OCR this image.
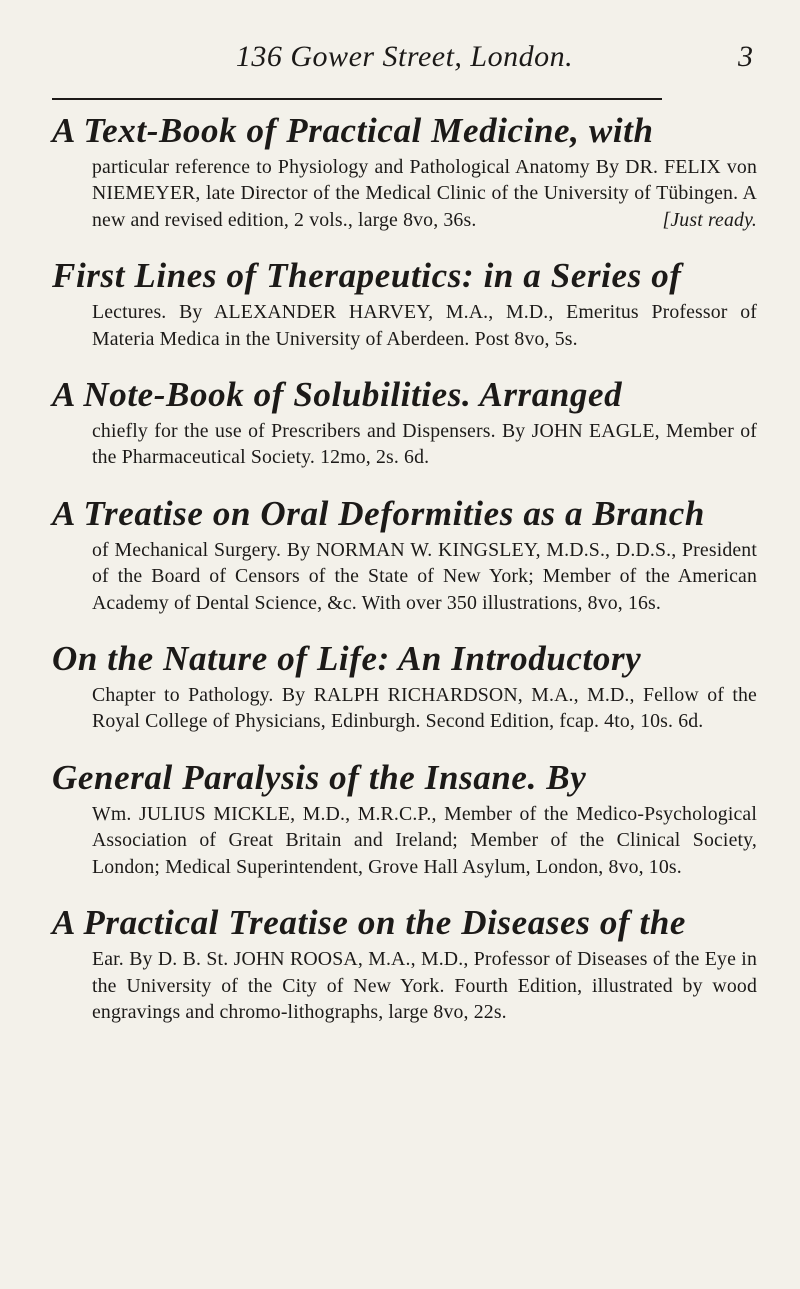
136 Gower Street, London.	3
A Text-Book of Practical Medicine, with

particular reference to Physiology and Pathological Anatomy By DR. FELIX von NIEMEYER, late Director of the Medical Clinic of the University of Tübingen. A new and revised edition, 2 vols., large 8vo, 36s.	[Just ready.

First Lines of Therapeutics: in a Series of

Lectures. By ALEXANDER HARVEY, M.A., M.D., Emeritus Professor of Materia Medica in the University of Aberdeen. Post 8vo, 5s.

A Note-Book of Solubilities. Arranged

chiefly for the use of Prescribers and Dispensers. By JOHN EAGLE, Member of the Pharmaceutical Society. 12mo, 2s. 6d.

A Treatise on Oral Deformities as a Branch

of Mechanical Surgery. By NORMAN W. KINGSLEY, M.D.S., D.D.S., President of the Board of Censors of the State of New York; Member of the American Academy of Dental Science, &c. With over 350 illustrations, 8vo, 16s.

On the Nature of Life: An Introductory

Chapter to Pathology. By RALPH RICHARDSON, M.A., M.D., Fellow of the Royal College of Physicians, Edinburgh. Second Edition, fcap. 4to, 10s. 6d.

General Paralysis of the Insane. By

Wm. JULIUS MICKLE, M.D., M.R.C.P., Member of the Medico-Psychological Association of Great Britain and Ireland; Member of the Clinical Society, London; Medical Superintendent, Grove Hall Asylum, London, 8vo, 10s.

A Practical Treatise on the Diseases of the

Ear. By D. B. St. JOHN ROOSA, M.A., M.D., Professor of Diseases of the Eye in the University of the City of New York. Fourth Edition, illustrated by wood engravings and chromo-lithographs, large 8vo, 22s.
